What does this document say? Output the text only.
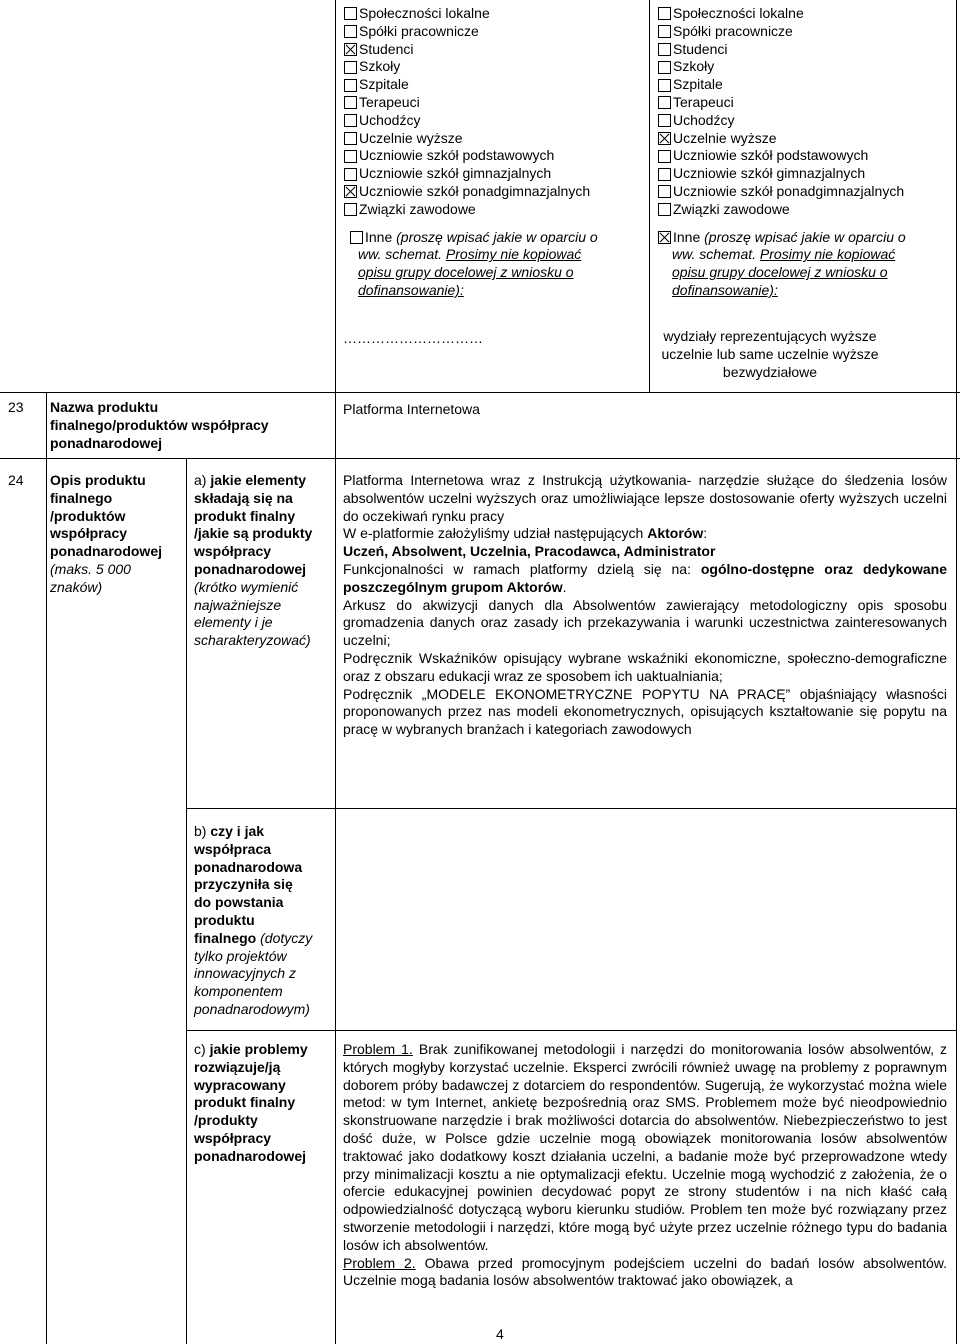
Społeczności lokalne
Spółki pracownicze
Studenci
Szkoły
Szpitale
Terapeuci
Uchodźcy
Uczelnie wyższe
Uczniowie szkół podstawowych
Uczniowie szkół gimnazjalnych
Uczniowie szkół ponadgimnazjalnych
Związki zawodowe
Inne (proszę wpisać jakie w oparciu o
ww. schemat. Prosimy nie kopiować
opisu grupy docelowej z wniosku o
dofinansowanie):
…………………………
Społeczności lokalne
Spółki pracownicze
Studenci
Szkoły
Szpitale
Terapeuci
Uchodźcy
Uczelnie wyższe
Uczniowie szkół podstawowych
Uczniowie szkół gimnazjalnych
Uczniowie szkół ponadgimnazjalnych
Związki zawodowe
Inne (proszę wpisać jakie w oparciu o
ww. schemat. Prosimy nie kopiować
opisu grupy docelowej z wniosku o
dofinansowanie):
wydziały reprezentujących wyższe
uczelnie lub same uczelnie wyższe
bezwydziałowe
23 Nazwa produktu
finalnego/produktów współpracy
ponadnarodowej
Platforma Internetowa
24 Opis produktu
finalnego
/produktów
współpracy
ponadnarodowej
(maks. 5 000
znaków)
a) jakie elementy
składają się na
produkt finalny
/jakie są produkty
współpracy
ponadnarodowej
(krótko wymienić
najważniejsze
elementy i je
scharakteryzować)
b) czy i jak
współpraca
ponadnarodowa
przyczyniła się
do powstania
produktu
finalnego (dotyczy
tylko projektów
innowacyjnych z
komponentem
ponadnarodowym)
c) jakie problemy
rozwiązuje/ją
wypracowany
produkt finalny
/produkty
współpracy
ponadnarodowej

Platforma Internetowa wraz z Instrukcją użytkowania- narzędzie służące do śledzenia losów absolwentów uczelni wyższych oraz umożliwiające lepsze dostosowanie oferty wyższych uczelni do oczekiwań rynku pracy

W e-platformie założyliśmy udział następujących Aktorów:

Uczeń, Absolwent, Uczelnia, Pracodawca, Administrator

Funkcjonalności w ramach platformy dzielą się na: ogólno-dostępne oraz dedykowane poszczególnym grupom Aktorów.

Arkusz do akwizycji danych dla Absolwentów zawierający metodologiczny opis sposobu gromadzenia danych oraz zasady ich przekazywania i warunki uczestnictwa zainteresowanych uczelni;

Podręcznik Wskaźników opisujący wybrane wskaźniki ekonomiczne, społeczno-demograficzne oraz z obszaru edukacji wraz ze sposobem ich uaktualniania;

Podręcznik „MODELE EKONOMETRYCZNE POPYTU NA PRACĘ” objaśniający własności proponowanych przez nas modeli ekonometrycznych, opisujących kształtowanie się popytu na pracę w wybranych branżach i kategoriach zawodowych

Problem 1. Brak zunifikowanej metodologii i narzędzi do monitorowania losów absolwentów, z których mogłyby korzystać uczelnie. Eksperci zwrócili również uwagę na problemy z poprawnym doborem próby badawczej z dotarciem do respondentów. Sugerują, że wykorzystać można wiele metod: w tym Internet, ankietę bezpośrednią oraz SMS. Problemem może być nieodpowiednio skonstruowane narzędzie i brak możliwości dotarcia do absolwentów. Niebezpieczeństwo to jest dość duże, w Polsce gdzie uczelnie mogą obowiązek monitorowania losów absolwentów traktować jako dodatkowy koszt działania uczelni, a badanie może być przeprowadzone wtedy przy minimalizacji kosztu a nie optymalizacji efektu. Uczelnie mogą wychodzić z założenia, że o ofercie edukacyjnej powinien decydować popyt ze strony studentów i na nich kłaść całą odpowiedzialność dotyczącą wyboru kierunku studiów. Problem ten może być rozwiązany przez stworzenie metodologii i narzędzi, które mogą być użyte przez uczelnie różnego typu do badania losów ich absolwentów.

Problem 2. Obawa przed promocyjnym podejściem uczelni do badań losów absolwentów. Uczelnie mogą badania losów absolwentów traktować jako obowiązek, a

4
